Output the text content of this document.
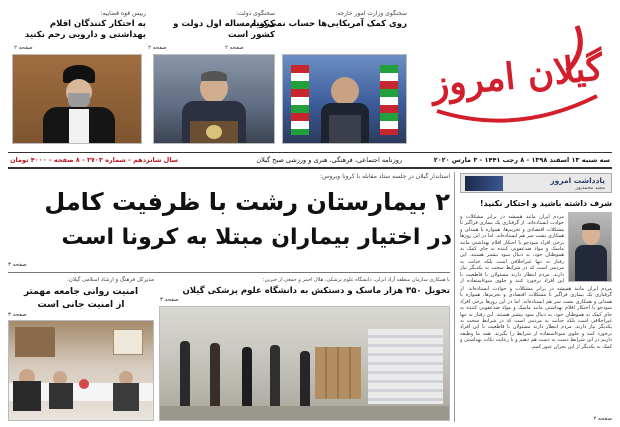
گیلان امروز
سخنگوی وزارت امور خارجه:
روی کمک آمریکایی‌ها حساب نمی‌کنیم
صفحه ۲
سخنگوی دولت:
کرونا مساله اول دولت و کشور است
صفحه ۲
رییس قوه قضاییه:
به احتکار کنندگان اقلام بهداشتی و دارویی رحم نکنید
صفحه ۲
سه شنبه ۱۳ اسفند ۱۳۹۸ - ۸ رجب ۱۴۴۱ - ۳ مارس ۲۰۲۰
روزنامه اجتماعی، فرهنگی، هنری و ورزشی صبح گیلان
سال شانزدهم - شماره ۳۷۰۳ - ۸ صفحه - ۴۰۰۰ تومان
استاندار گیلان در جلسه ستاد مقابله با کرونا ویروس:
۲ بیمارستان رشت با ظرفیت کامل
در اختیار بیماران مبتلا به کرونا است
صفحه ۳
با همکاری سازمان منطقه آزاد انزلی، دانشگاه علوم پزشکی، هلال احمر و جمعی از خیرین؛
تحویل ۳۵۰ هزار ماسک و دستکش به دانشگاه علوم پزشکی گیلان
صفحه ۳
مدیرکل فرهنگ و ارشاد اسلامی گیلان:
امنیت روانی جامعه مهمتر
از امنیت جانی است
صفحه ۳
یادداشت امروز
مجید محمدپور
شرف داشته باشید و احتکار نکنید!
مردم ایران مانند همیشه در برابر مشکلات و حوادث ایستاده‌اند. از گرفتاری یک بیماری فراگیر تا مشکلات اقتصادی و تحریم‌ها، همواره با همدلی و همکاری پشت سر هم ایستاده‌اند. اما در این روزها برخی افراد سودجو با احتکار اقلام بهداشتی مانند ماسک و مواد ضدعفونی کننده به جای کمک به هموطنان خود، به دنبال سود بیشتر هستند. این رفتار نه تنها غیراخلاقی است بلکه خیانت به مردمی است که در شرایط سخت به یکدیگر نیاز دارند. مردم انتظار دارند مسئولان با قاطعیت با این افراد برخورد کنند و جلوی سوءاستفاده از
مردم ایران مانند همیشه در برابر مشکلات و حوادث ایستاده‌اند. از گرفتاری یک بیماری فراگیر تا مشکلات اقتصادی و تحریم‌ها، همواره با همدلی و همکاری پشت سر هم ایستاده‌اند. اما در این روزها برخی افراد سودجو با احتکار اقلام بهداشتی مانند ماسک و مواد ضدعفونی کننده به جای کمک به هموطنان خود، به دنبال سود بیشتر هستند. این رفتار نه تنها غیراخلاقی است بلکه خیانت به مردمی است که در شرایط سخت به یکدیگر نیاز دارند. مردم انتظار دارند مسئولان با قاطعیت با این افراد برخورد کنند و جلوی سوءاستفاده از شرایط را بگیرند. همه ما وظیفه داریم در این شرایط دست به دست هم دهیم و با رعایت نکات بهداشتی و کمک به یکدیگر از این بحران عبور کنیم.
صفحه ۲
